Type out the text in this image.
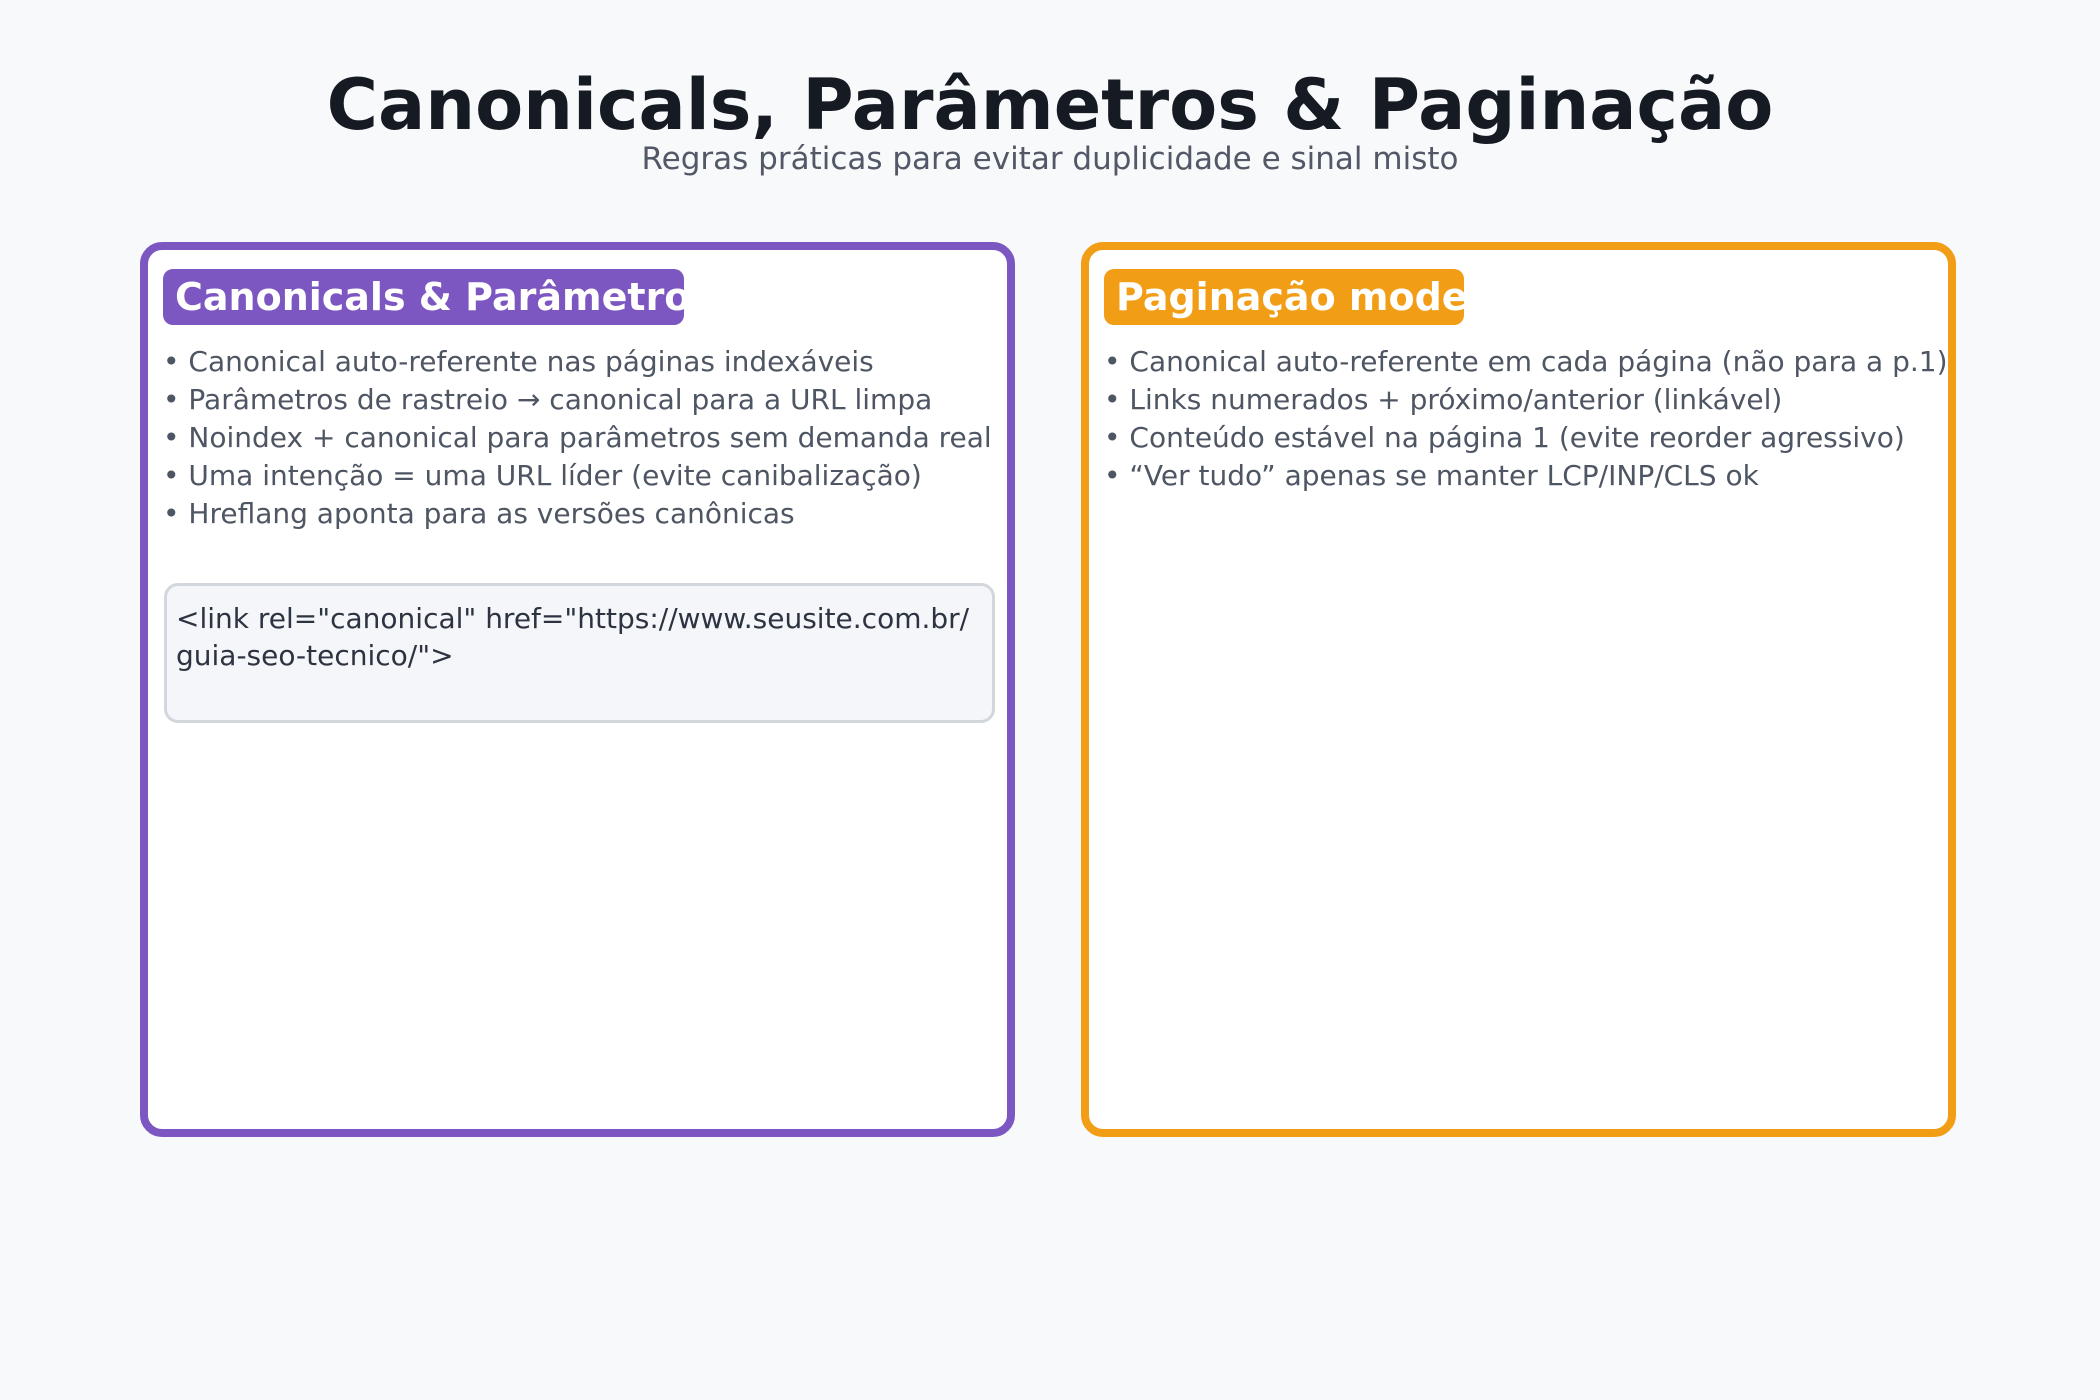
Canonicals, Parâmetros & Paginação

Regras práticas para evitar duplicidade e sinal misto

Canonicals & Parâmetros
• Canonical auto-referente nas páginas indexáveis
• Parâmetros de rastreio → canonical para a URL limpa
• Noindex + canonical para parâmetros sem demanda real
• Uma intenção = uma URL líder (evite canibalização)
• Hreflang aponta para as versões canônicas
<link rel="canonical" href="https://www.seusite.com.br/guia-seo-tecnico/">
Paginação moderna
• Canonical auto-referente em cada página (não para a p.1)
• Links numerados + próximo/anterior (linkável)
• Conteúdo estável na página 1 (evite reorder agressivo)
• “Ver tudo” apenas se manter LCP/INP/CLS ok
